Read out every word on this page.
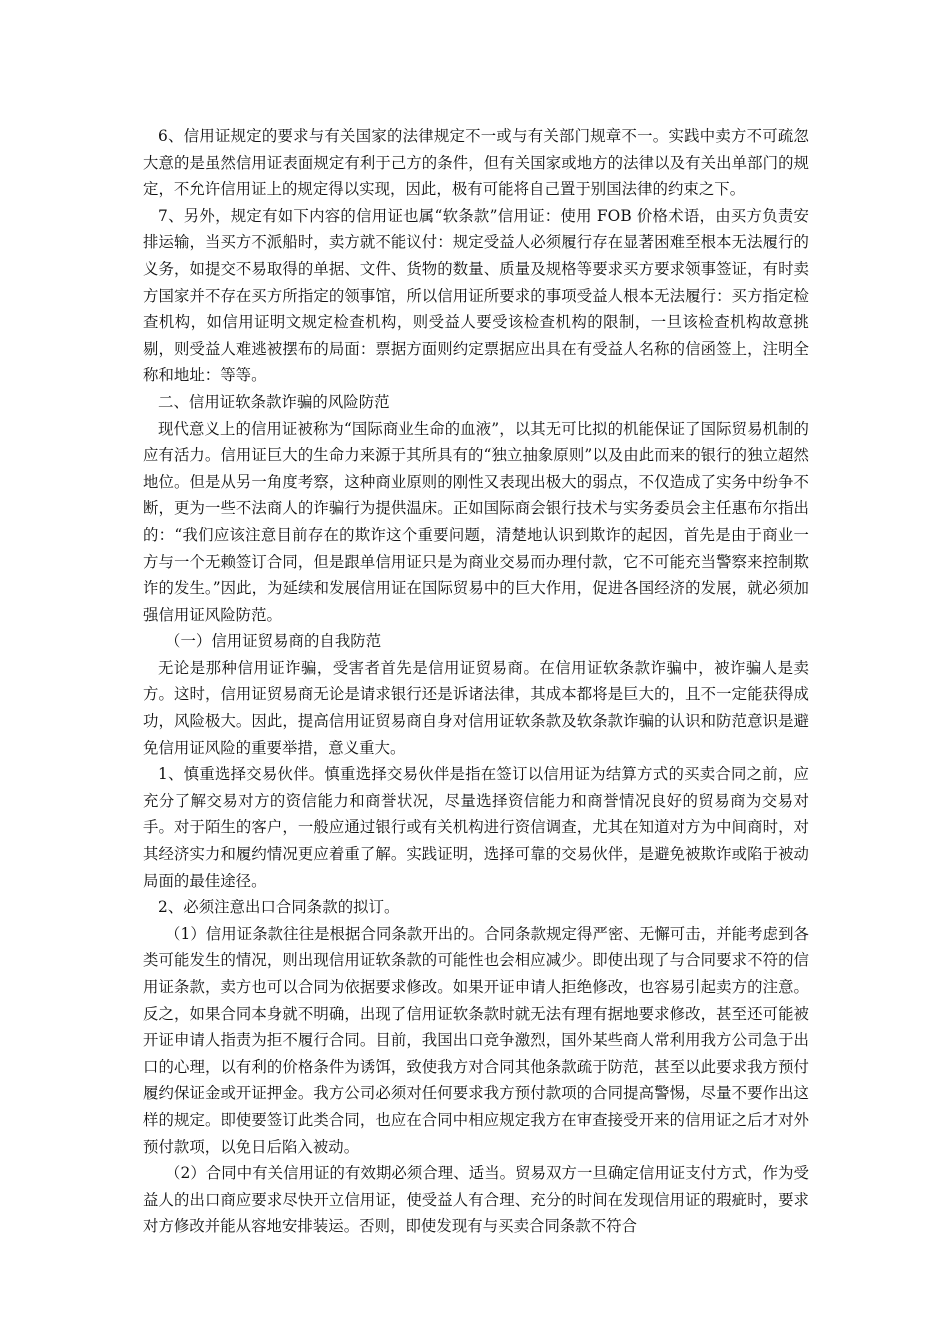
6、信用证规定的要求与有关国家的法律规定不一或与有关部门规章不一。实践中卖方不可疏忽大意的是虽然信用证表面规定有利于己方的条件，但有关国家或地方的法律以及有关出单部门的规定，不允许信用证上的规定得以实现，因此，极有可能将自己置于别国法律的约束之下。

7、另外，规定有如下内容的信用证也属“软条款”信用证：使用 FOB 价格术语，由买方负责安排运输，当买方不派船时，卖方就不能议付：规定受益人必须履行存在显著困难至根本无法履行的义务，如提交不易取得的单据、文件、货物的数量、质量及规格等要求买方要求领事签证，有时卖方国家并不存在买方所指定的领事馆，所以信用证所要求的事项受益人根本无法履行：买方指定检查机构，如信用证明文规定检查机构，则受益人要受该检查机构的限制，一旦该检查机构故意挑剔，则受益人难逃被摆布的局面：票据方面则约定票据应出具在有受益人名称的信函签上，注明全称和地址：等等。

二、信用证软条款诈骗的风险防范

现代意义上的信用证被称为“国际商业生命的血液”，以其无可比拟的机能保证了国际贸易机制的应有活力。信用证巨大的生命力来源于其所具有的“独立抽象原则”以及由此而来的银行的独立超然地位。但是从另一角度考察，这种商业原则的刚性又表现出极大的弱点，不仅造成了实务中纷争不断，更为一些不法商人的诈骗行为提供温床。正如国际商会银行技术与实务委员会主任惠布尔指出的：“我们应该注意目前存在的欺诈这个重要问题，清楚地认识到欺诈的起因，首先是由于商业一方与一个无赖签订合同，但是跟单信用证只是为商业交易而办理付款，它不可能充当警察来控制欺诈的发生。”因此，为延续和发展信用证在国际贸易中的巨大作用，促进各国经济的发展，就必须加强信用证风险防范。

（一）信用证贸易商的自我防范

无论是那种信用证诈骗，受害者首先是信用证贸易商。在信用证软条款诈骗中，被诈骗人是卖方。这时，信用证贸易商无论是请求银行还是诉诸法律，其成本都将是巨大的，且不一定能获得成功，风险极大。因此，提高信用证贸易商自身对信用证软条款及软条款诈骗的认识和防范意识是避免信用证风险的重要举措，意义重大。

1、慎重选择交易伙伴。慎重选择交易伙伴是指在签订以信用证为结算方式的买卖合同之前，应充分了解交易对方的资信能力和商誉状况，尽量选择资信能力和商誉情况良好的贸易商为交易对手。对于陌生的客户，一般应通过银行或有关机构进行资信调查，尤其在知道对方为中间商时，对其经济实力和履约情况更应着重了解。实践证明，选择可靠的交易伙伴，是避免被欺诈或陷于被动局面的最佳途径。

2、必须注意出口合同条款的拟订。

（1）信用证条款往往是根据合同条款开出的。合同条款规定得严密、无懈可击，并能考虑到各类可能发生的情况，则出现信用证软条款的可能性也会相应减少。即使出现了与合同要求不符的信用证条款，卖方也可以合同为依据要求修改。如果开证申请人拒绝修改，也容易引起卖方的注意。反之，如果合同本身就不明确，出现了信用证软条款时就无法有理有据地要求修改，甚至还可能被开证申请人指责为拒不履行合同。目前，我国出口竞争激烈，国外某些商人常利用我方公司急于出口的心理，以有利的价格条件为诱饵，致使我方对合同其他条款疏于防范，甚至以此要求我方预付履约保证金或开证押金。我方公司必须对任何要求我方预付款项的合同提高警惕，尽量不要作出这样的规定。即使要签订此类合同，也应在合同中相应规定我方在审查接受开来的信用证之后才对外预付款项，以免日后陷入被动。

（2）合同中有关信用证的有效期必须合理、适当。贸易双方一旦确定信用证支付方式，作为受益人的出口商应要求尽快开立信用证，使受益人有合理、充分的时间在发现信用证的瑕疵时，要求对方修改并能从容地安排装运。否则，即使发现有与买卖合同条款不符合
